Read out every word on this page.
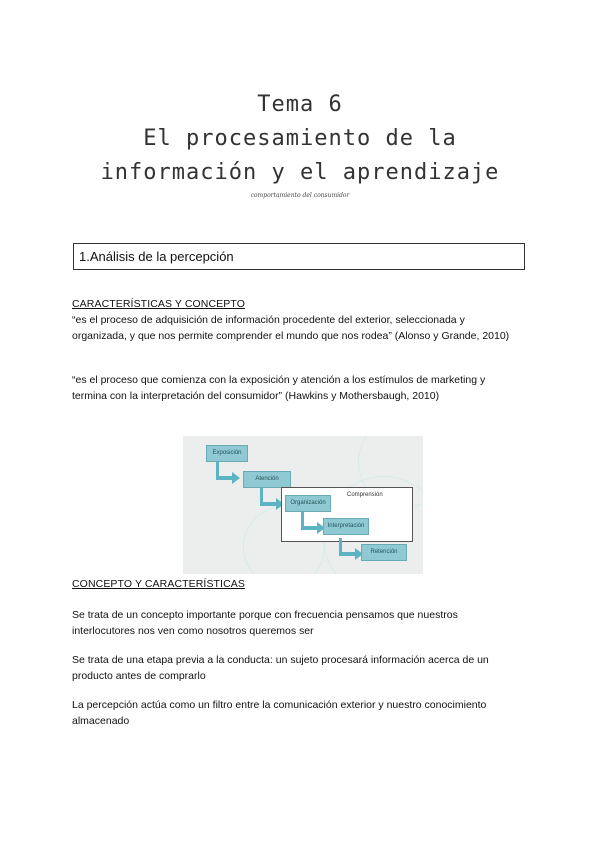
Tema 6
El procesamiento de la
información y el aprendizaje
comportamiento del consumidor
1.Análisis de la percepción
CARACTERÍSTICAS Y CONCEPTO
“es el proceso de adquisición de información procedente del exterior, seleccionada y organizada, y que nos permite comprender el mundo que nos rodea” (Alonso y Grande, 2010)
“es el proceso que comienza con la exposición y atención a los estímulos de marketing y termina con la interpretación del consumidor” (Hawkins y Mothersbaugh, 2010)
Exposición
Atención
Comprensión
Organización
Interpretación
Retención
CONCEPTO Y CARACTERÍSTICAS
Se trata de un concepto importante porque con frecuencia pensamos que nuestros interlocutores nos ven como nosotros queremos ser
Se trata de una etapa previa a la conducta: un sujeto procesará información acerca de un producto antes de comprarlo
La percepción actúa como un filtro entre la comunicación exterior y nuestro conocimiento almacenado
